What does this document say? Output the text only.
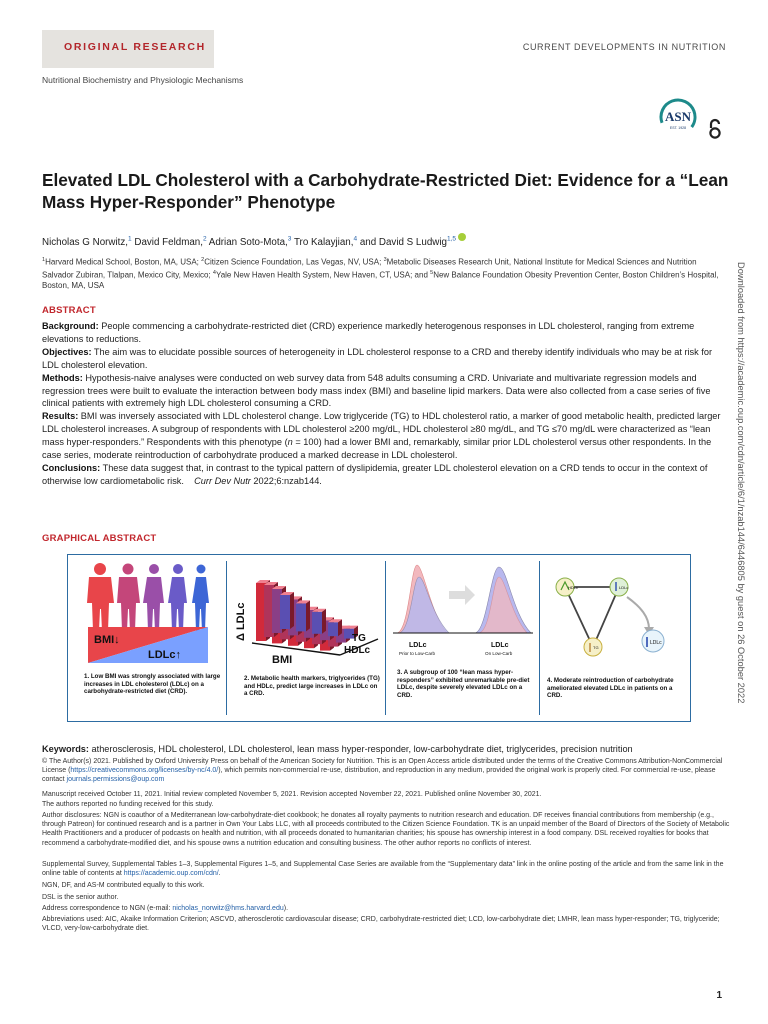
ORIGINAL RESEARCH	CURRENT DEVELOPMENTS IN NUTRITION
Nutritional Biochemistry and Physiologic Mechanisms
ASN
EST. 1928
Elevated LDL Cholesterol with a Carbohydrate-Restricted Diet: Evidence for a “Lean Mass Hyper-Responder” Phenotype
Nicholas G Norwitz,$^1$ David Feldman,$^2$ Adrian Soto-Mota,$^3$ Tro Kalayjian,$^4$ and David S Ludwig$^{1,5}$
$^1$Harvard Medical School, Boston, MA, USA; $^2$Citizen Science Foundation, Las Vegas, NV, USA; $^3$Metabolic Diseases Research Unit, National Institute for Medical Sciences and Nutrition Salvador Zubiran, Tlalpan, Mexico City, Mexico; $^4$Yale New Haven Health System, New Haven, CT, USA; and $^5$New Balance Foundation Obesity Prevention Center, Boston Children’s Hospital, Boston, MA, USA	Downloaded from https://academic.oup.com/cdn/article/6/1/nzab144/6446805 by guest on 26 October 2022
ABSTRACT

Background: People commencing a carbohydrate-restricted diet (CRD) experience markedly heterogenous responses in LDL cholesterol, ranging from extreme elevations to reductions.

Objectives: The aim was to elucidate possible sources of heterogeneity in LDL cholesterol response to a CRD and thereby identify individuals who may be at risk for LDL cholesterol elevation.

Methods: Hypothesis-naive analyses were conducted on web survey data from 548 adults consuming a CRD. Univariate and multivariate regression models and regression trees were built to evaluate the interaction between body mass index (BMI) and baseline lipid markers. Data were also collected from a case series of five clinical patients with extremely high LDL cholesterol consuming a CRD.

Results: BMI was inversely associated with LDL cholesterol change. Low triglyceride (TG) to HDL cholesterol ratio, a marker of good metabolic health, predicted larger LDL cholesterol increases. A subgroup of respondents with LDL cholesterol ≥200 mg/dL, HDL cholesterol ≥80 mg/dL, and TG ≤70 mg/dL were characterized as “lean mass hyper-responders.” Respondents with this phenotype (n = 100) had a lower BMI and, remarkably, similar prior LDL cholesterol versus other respondents. In the case series, moderate reintroduction of carbohydrate produced a marked decrease in LDL cholesterol.

Conclusions: These data suggest that, in contrast to the typical pattern of dyslipidemia, greater LDL cholesterol elevation on a CRD tends to occur in the context of otherwise low cardiometabolic risk. Curr Dev Nutr 2022;6:nzab144.

GRAPHICAL ABSTRACT
BMI↓
LDLc↑
1. Low BMI was strongly associated with large increases in LDL cholesterol (LDLc) on a carbohydrate-restricted diet (CRD).
Δ LDLc
BMI
TG
HDLc
2. Metabolic health markers, triglycerides (TG) and HDLc, predict large increases in LDLc on a CRD.
LDLc
Prior to Low-Carb
LDLc
On Low-Carb
3. A subgroup of 100 “lean mass hyper-responders” exhibited unremarkable pre-diet LDLc, despite severely elevated LDLc on a CRD.
HDLc	LDLc
TG
LDLc
4. Moderate reintroduction of carbohydrate ameliorated elevated LDLc in patients on a CRD.
Keywords: atherosclerosis, HDL cholesterol, LDL cholesterol, lean mass hyper-responder, low-carbohydrate diet, triglycerides, precision nutrition
© The Author(s) 2021. Published by Oxford University Press on behalf of the American Society for Nutrition. This is an Open Access article distributed under the terms of the Creative Commons Attribution-NonCommercial License (https://creativecommons.org/licenses/by-nc/4.0/), which permits non-commercial re-use, distribution, and reproduction in any medium, provided the original work is properly cited. For commercial re-use, please contact journals.permissions@oup.com
Manuscript received October 11, 2021. Initial review completed November 5, 2021. Revision accepted November 22, 2021. Published online November 30, 2021.
The authors reported no funding received for this study.
Author disclosures: NGN is coauthor of a Mediterranean low-carbohydrate-diet cookbook; he donates all royalty payments to nutrition research and education. DF receives financial contributions from membership (e.g., through Patreon) for continued research and is a partner in Own Your Labs LLC, with all proceeds contributed to the Citizen Science Foundation. TK is an unpaid member of the Board of Directors of the Society of Metabolic Health Practitioners and a producer of podcasts on health and nutrition, with all proceeds donated to humanitarian charities; his spouse has ownership interest in a food company. DSL received royalties for books that recommend a carbohydrate-modified diet, and his spouse owns a nutrition education and consulting business. The other author reports no conflicts of interest.
Supplemental Survey, Supplemental Tables 1–3, Supplemental Figures 1–5, and Supplemental Case Series are available from the “Supplementary data” link in the online posting of the article and from the same link in the online table of contents at https://academic.oup.com/cdn/.
NGN, DF, and AS-M contributed equally to this work.
DSL is the senior author.
Address correspondence to NGN (e-mail: nicholas_norwitz@hms.harvard.edu).
Abbreviations used: AIC, Akaike Information Criterion; ASCVD, atherosclerotic cardiovascular disease; CRD, carbohydrate-restricted diet; LCD, low-carbohydrate diet; LMHR, lean mass hyper-responder; TG, triglyceride; VLCD, very-low-carbohydrate diet.
1
